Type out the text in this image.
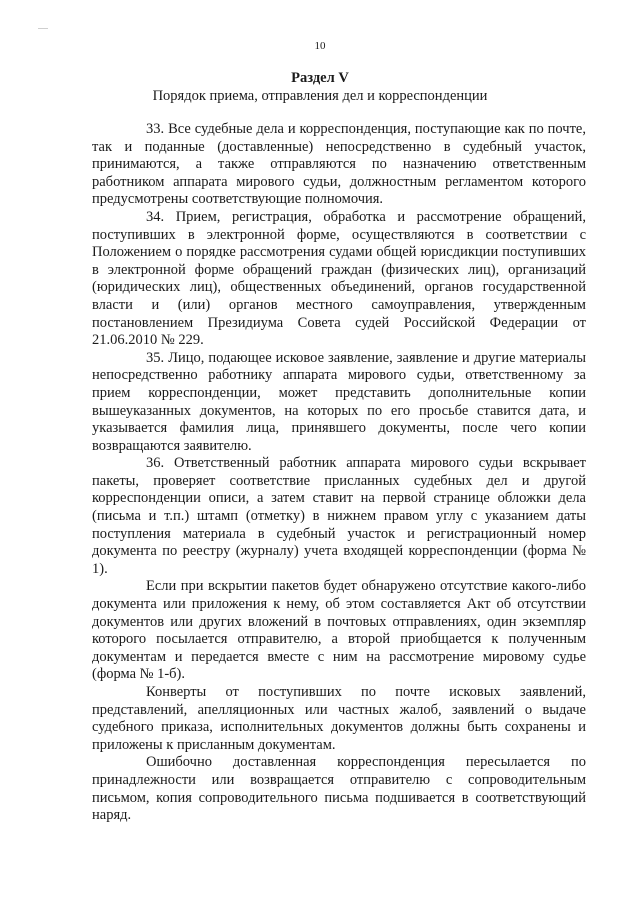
10
Раздел V
Порядок приема, отправления дел и корреспонденции

33. Все судебные дела и корреспонденция, поступающие как по почте, так и поданные (доставленные) непосредственно в судебный участок, принимаются, а также отправляются по назначению ответственным работником аппарата мирового судьи, должностным регламентом которого предусмотрены соответствующие полномочия.

34. Прием, регистрация, обработка и рассмотрение обращений, поступивших в электронной форме, осуществляются в соответствии с Положением о порядке рассмотрения судами общей юрисдикции поступивших в электронной форме обращений граждан (физических лиц), организаций (юридических лиц), общественных объединений, органов государственной власти и (или) органов местного самоуправления, утвержденным постановлением Президиума Совета судей Российской Федерации от 21.06.2010 № 229.

35. Лицо, подающее исковое заявление, заявление и другие материалы непосредственно работнику аппарата мирового судьи, ответственному за прием корреспонденции, может представить дополнительные копии вышеуказанных документов, на которых по его просьбе ставится дата, и указывается фамилия лица, принявшего документы, после чего копии возвращаются заявителю.

36. Ответственный работник аппарата мирового судьи вскрывает пакеты, проверяет соответствие присланных судебных дел и другой корреспонденции описи, а затем ставит на первой странице обложки дела (письма и т.п.) штамп (отметку) в нижнем правом углу с указанием даты поступления материала в судебный участок и регистрационный номер документа по реестру (журналу) учета входящей корреспонденции (форма № 1).

Если при вскрытии пакетов будет обнаружено отсутствие какого-либо документа или приложения к нему, об этом составляется Акт об отсутствии документов или других вложений в почтовых отправлениях, один экземпляр которого посылается отправителю, а второй приобщается к полученным документам и передается вместе с ним на рассмотрение мировому судье (форма № 1-б).

Конверты от поступивших по почте исковых заявлений, представлений, апелляционных или частных жалоб, заявлений о выдаче судебного приказа, исполнительных документов должны быть сохранены и приложены к присланным документам.

Ошибочно доставленная корреспонденция пересылается по принадлежности или возвращается отправителю с сопроводительным письмом, копия сопроводительного письма подшивается в соответствующий наряд.
